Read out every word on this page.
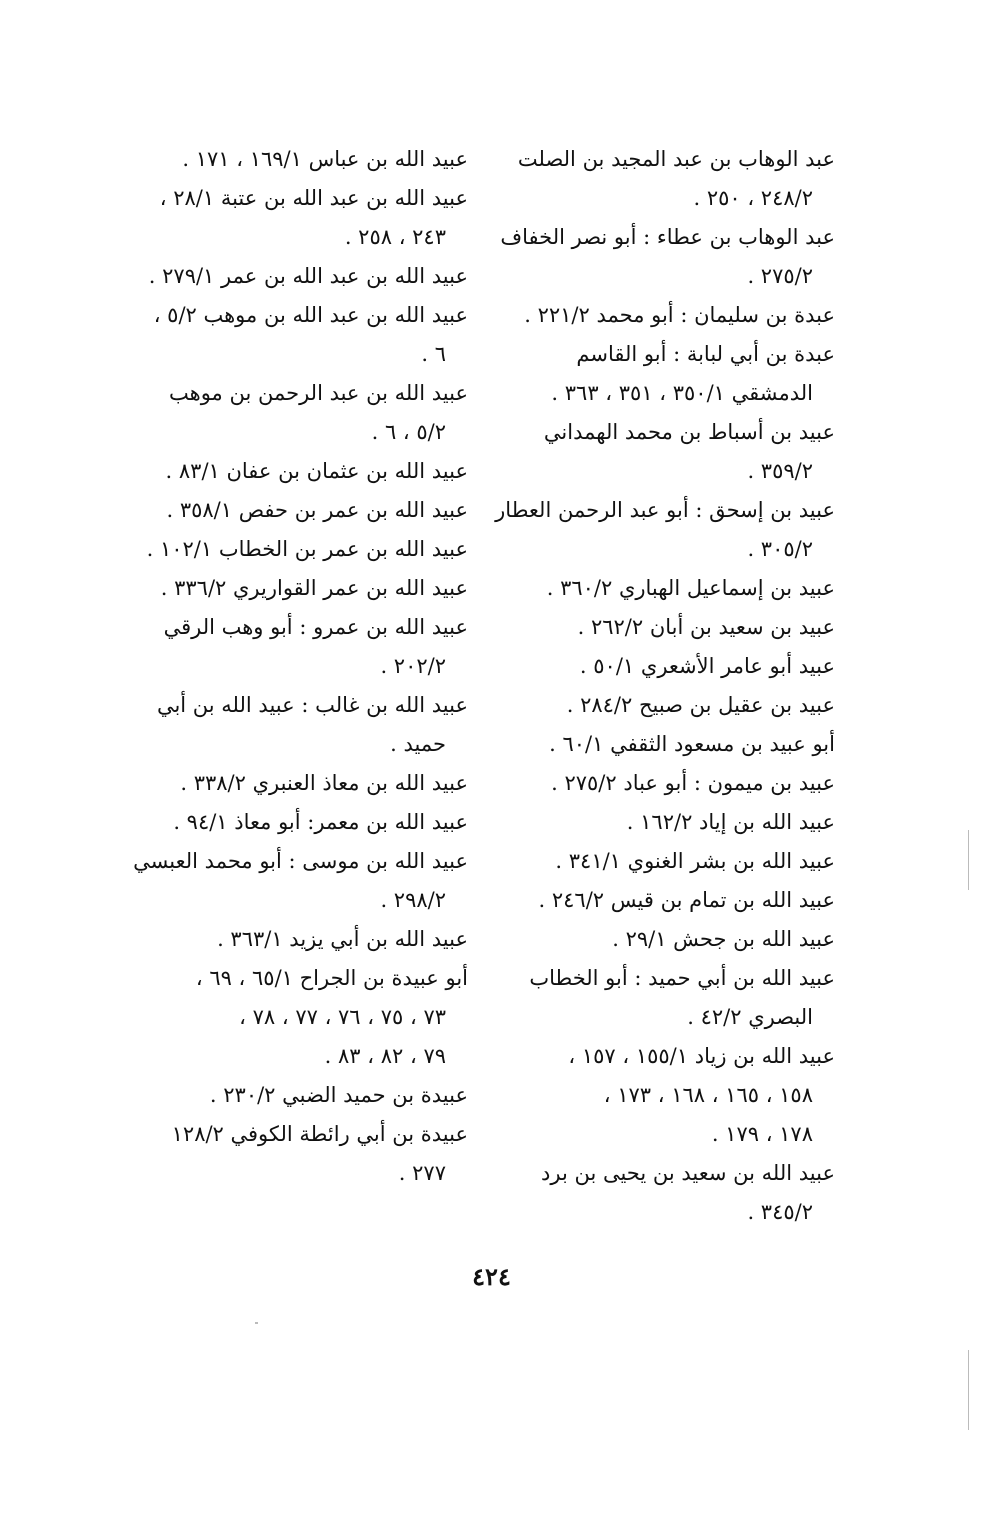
عبد الوهاب بن عبد المجيد بن الصلت
٢٤٨/٢ ، ٢٥٠ .

عبد الوهاب بن عطاء : أبو نصر الخفاف
٢٧٥/٢ .

عبدة بن سليمان : أبو محمد ٢٢١/٢ .

عبدة بن أبي لبابة : أبو القاسم
الدمشقي ٣٥٠/١ ، ٣٥١ ، ٣٦٣ .

عبيد بن أسباط بن محمد الهمداني
٣٥٩/٢ .

عبيد بن إسحق : أبو عبد الرحمن العطار
٣٠٥/٢ .

عبيد بن إسماعيل الهباري ٣٦٠/٢ .

عبيد بن سعيد بن أبان ٢٦٢/٢ .

عبيد أبو عامر الأشعري ٥٠/١ .

عبيد بن عقيل بن صبيح ٢٨٤/٢ .

أبو عبيد بن مسعود الثقفي ٦٠/١ .

عبيد بن ميمون : أبو عباد ٢٧٥/٢ .

عبيد الله بن إياد ١٦٢/٢ .

عبيد الله بن بشر الغنوي ٣٤١/١ .

عبيد الله بن تمام بن قيس ٢٤٦/٢ .

عبيد الله بن جحش ٢٩/١ .

عبيد الله بن أبي حميد : أبو الخطاب
البصري ٤٢/٢ .

عبيد الله بن زياد ١٥٥/١ ، ١٥٧ ،
١٥٨ ، ١٦٥ ، ١٦٨ ، ١٧٣ ،
١٧٨ ، ١٧٩ .

عبيد الله بن سعيد بن يحيى بن برد
٣٤٥/٢ .

عبيد الله بن عباس ١٦٩/١ ، ١٧١ .

عبيد الله بن عبد الله بن عتبة ٢٨/١ ،
٢٤٣ ، ٢٥٨ .

عبيد الله بن عبد الله بن عمر ٢٧٩/١ .

عبيد الله بن عبد الله بن موهب ٥/٢ ،
٦ .

عبيد الله بن عبد الرحمن بن موهب
٥/٢ ، ٦ .

عبيد الله بن عثمان بن عفان ٨٣/١ .

عبيد الله بن عمر بن حفص ٣٥٨/١ .

عبيد الله بن عمر بن الخطاب ١٠٢/١ .

عبيد الله بن عمر القواريري ٣٣٦/٢ .

عبيد الله بن عمرو : أبو وهب الرقي
٢٠٢/٢ .

عبيد الله بن غالب : عبيد الله بن أبي
حميد .

عبيد الله بن معاذ العنبري ٣٣٨/٢ .

عبيد الله بن معمر: أبو معاذ ٩٤/١ .

عبيد الله بن موسى : أبو محمد العبسي
٢٩٨/٢ .

عبيد الله بن أبي يزيد ٣٦٣/١ .

أبو عبيدة بن الجراح ٦٥/١ ، ٦٩ ،
٧٣ ، ٧٥ ، ٧٦ ، ٧٧ ، ٧٨ ،
٧٩ ، ٨٢ ، ٨٣ .

عبيدة بن حميد الضبي ٢٣٠/٢ .

عبيدة بن أبي رائطة الكوفي ١٢٨/٢
٢٧٧ .

٤٢٤
